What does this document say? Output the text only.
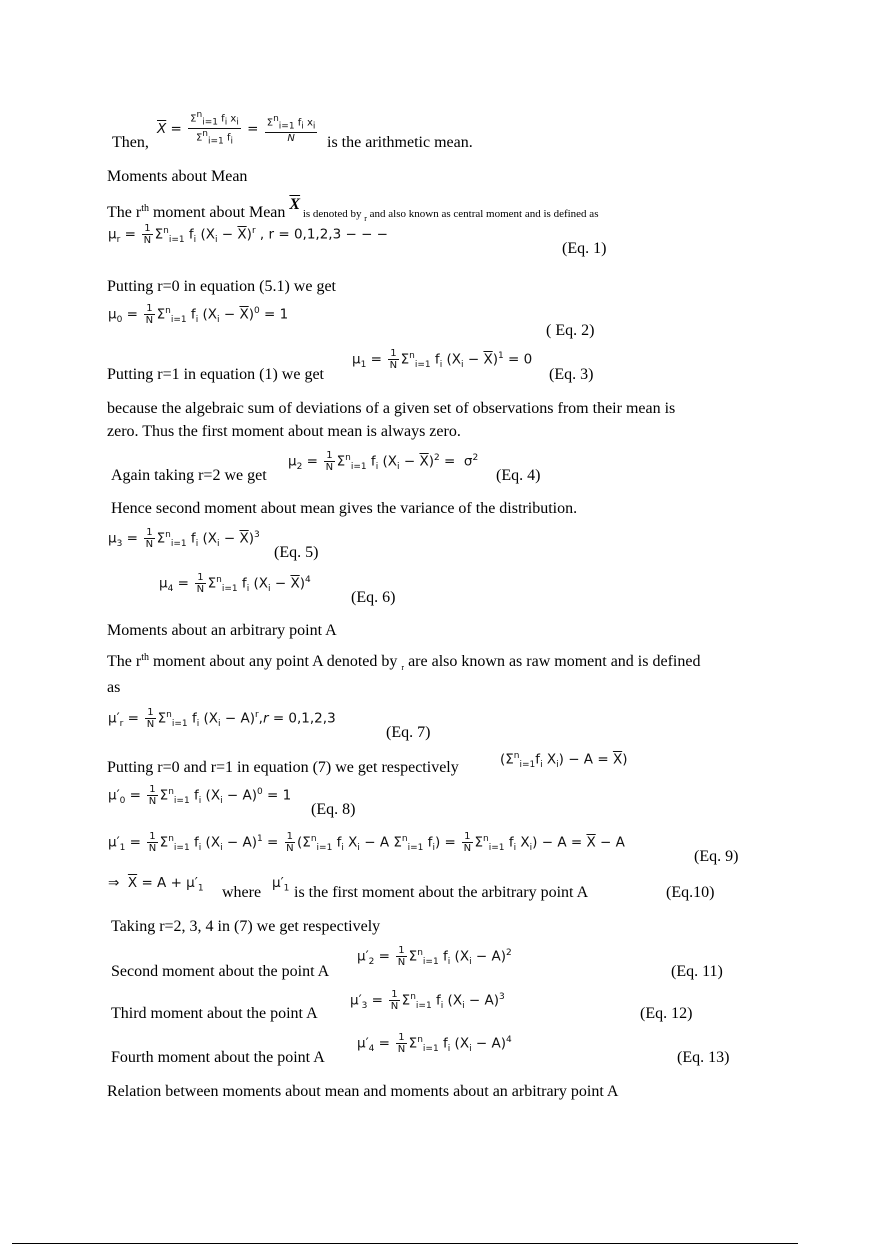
$\overline{X} = \frac{\Sigma^n_{i=1} f_i x_i}{\Sigma^n_{i=1} f_i} = \frac{\Sigma^n_{i=1} f_i x_i}{N}$
Then,	is the arithmetic mean.
Moments about Mean
The $r^{th}$ moment about Mean $\overline{X}$ is denoted by $_r$ and also known as central moment and is defined as
$\mu_r = \frac{1}{N} \Sigma^n_{i=1}$ $f_i$ $(X_i - \overline{X})^r$ , r = 0,1,2,3 − − −
(Eq. 1)
Putting r=0 in equation (5.1) we get
$\mu_0 = \frac{1}{N} \Sigma^n_{i=1}$ $f_i$ $(X_i - \overline{X})^0 = 1$
( Eq. 2)
$\mu_1 = \frac{1}{N} \Sigma^n_{i=1}$ $f_i$ $(X_i - \overline{X})^1 = 0$
Putting r=1 in equation (1) we get	(Eq. 3)
because the algebraic sum of deviations of a given set of observations from their mean is
zero. Thus the first moment about mean is always zero.
$\mu_2 = \frac{1}{N} \Sigma^n_{i=1}$ $f_i$ $(X_i - \overline{X})^2 = \sigma^2$
Again taking r=2 we get	(Eq. 4)
Hence second moment about mean gives the variance of the distribution.
$\mu_3 = \frac{1}{N} \Sigma^n_{i=1}$ $f_i$ $(X_i - \overline{X})^3$
(Eq. 5)
$\mu_4 = \frac{1}{N} \Sigma^n_{i=1}$ $f_i$ $(X_i - \overline{X})^4$
(Eq. 6)
Moments about an arbitrary point A
The $r^{th}$ moment about any point A denoted by $_r$ are also known as raw moment and is defined
as
$\mu'_r = \frac{1}{N} \Sigma^n_{i=1}$ $f_i$ $(X_i - A)^r,r = 0,1,2,3$
(Eq. 7)
($\Sigma^n_{i=1}f_i$ $X_i) - A = \overline{X}$)
Putting r=0 and r=1 in equation (7) we get respectively
$\mu'_0 = \frac{1}{N} \Sigma^n_{i=1}$ $f_i$ $(X_i - A)^0 = 1$
(Eq. 8)
$\mu'_1 = \frac{1}{N} \Sigma^n_{i=1}$ $f_i$ $(X_i - A)^1 = \frac{1}{N} (\Sigma^n_{i=1}$ $f_i$ $X_i - A$ $\Sigma^n_{i=1}$ $f_i) = \frac{1}{N} \Sigma^n_{i=1}$ $f_i$ $X_i) - A = \overline{X} - A$
(Eq. 9)
⇒  $\overline{X} = A + \mu'_1$ where
$\mu'_1$ is the first moment about the arbitrary point A	(Eq.10)
Taking r=2, 3, 4 in (7) we get respectively
$\mu'_2 = \frac{1}{N} \Sigma^n_{i=1}$ $f_i$ $(X_i - A)^2$
Second moment about the point A	(Eq. 11)
$\mu'_3 = \frac{1}{N} \Sigma^n_{i=1}$ $f_i$ $(X_i - A)^3$
Third moment about the point A	(Eq. 12)
$\mu'_4 = \frac{1}{N} \Sigma^n_{i=1}$ $f_i$ $(X_i - A)^4$
Fourth moment about the point A	(Eq. 13)
Relation between moments about mean and moments about an arbitrary point A
